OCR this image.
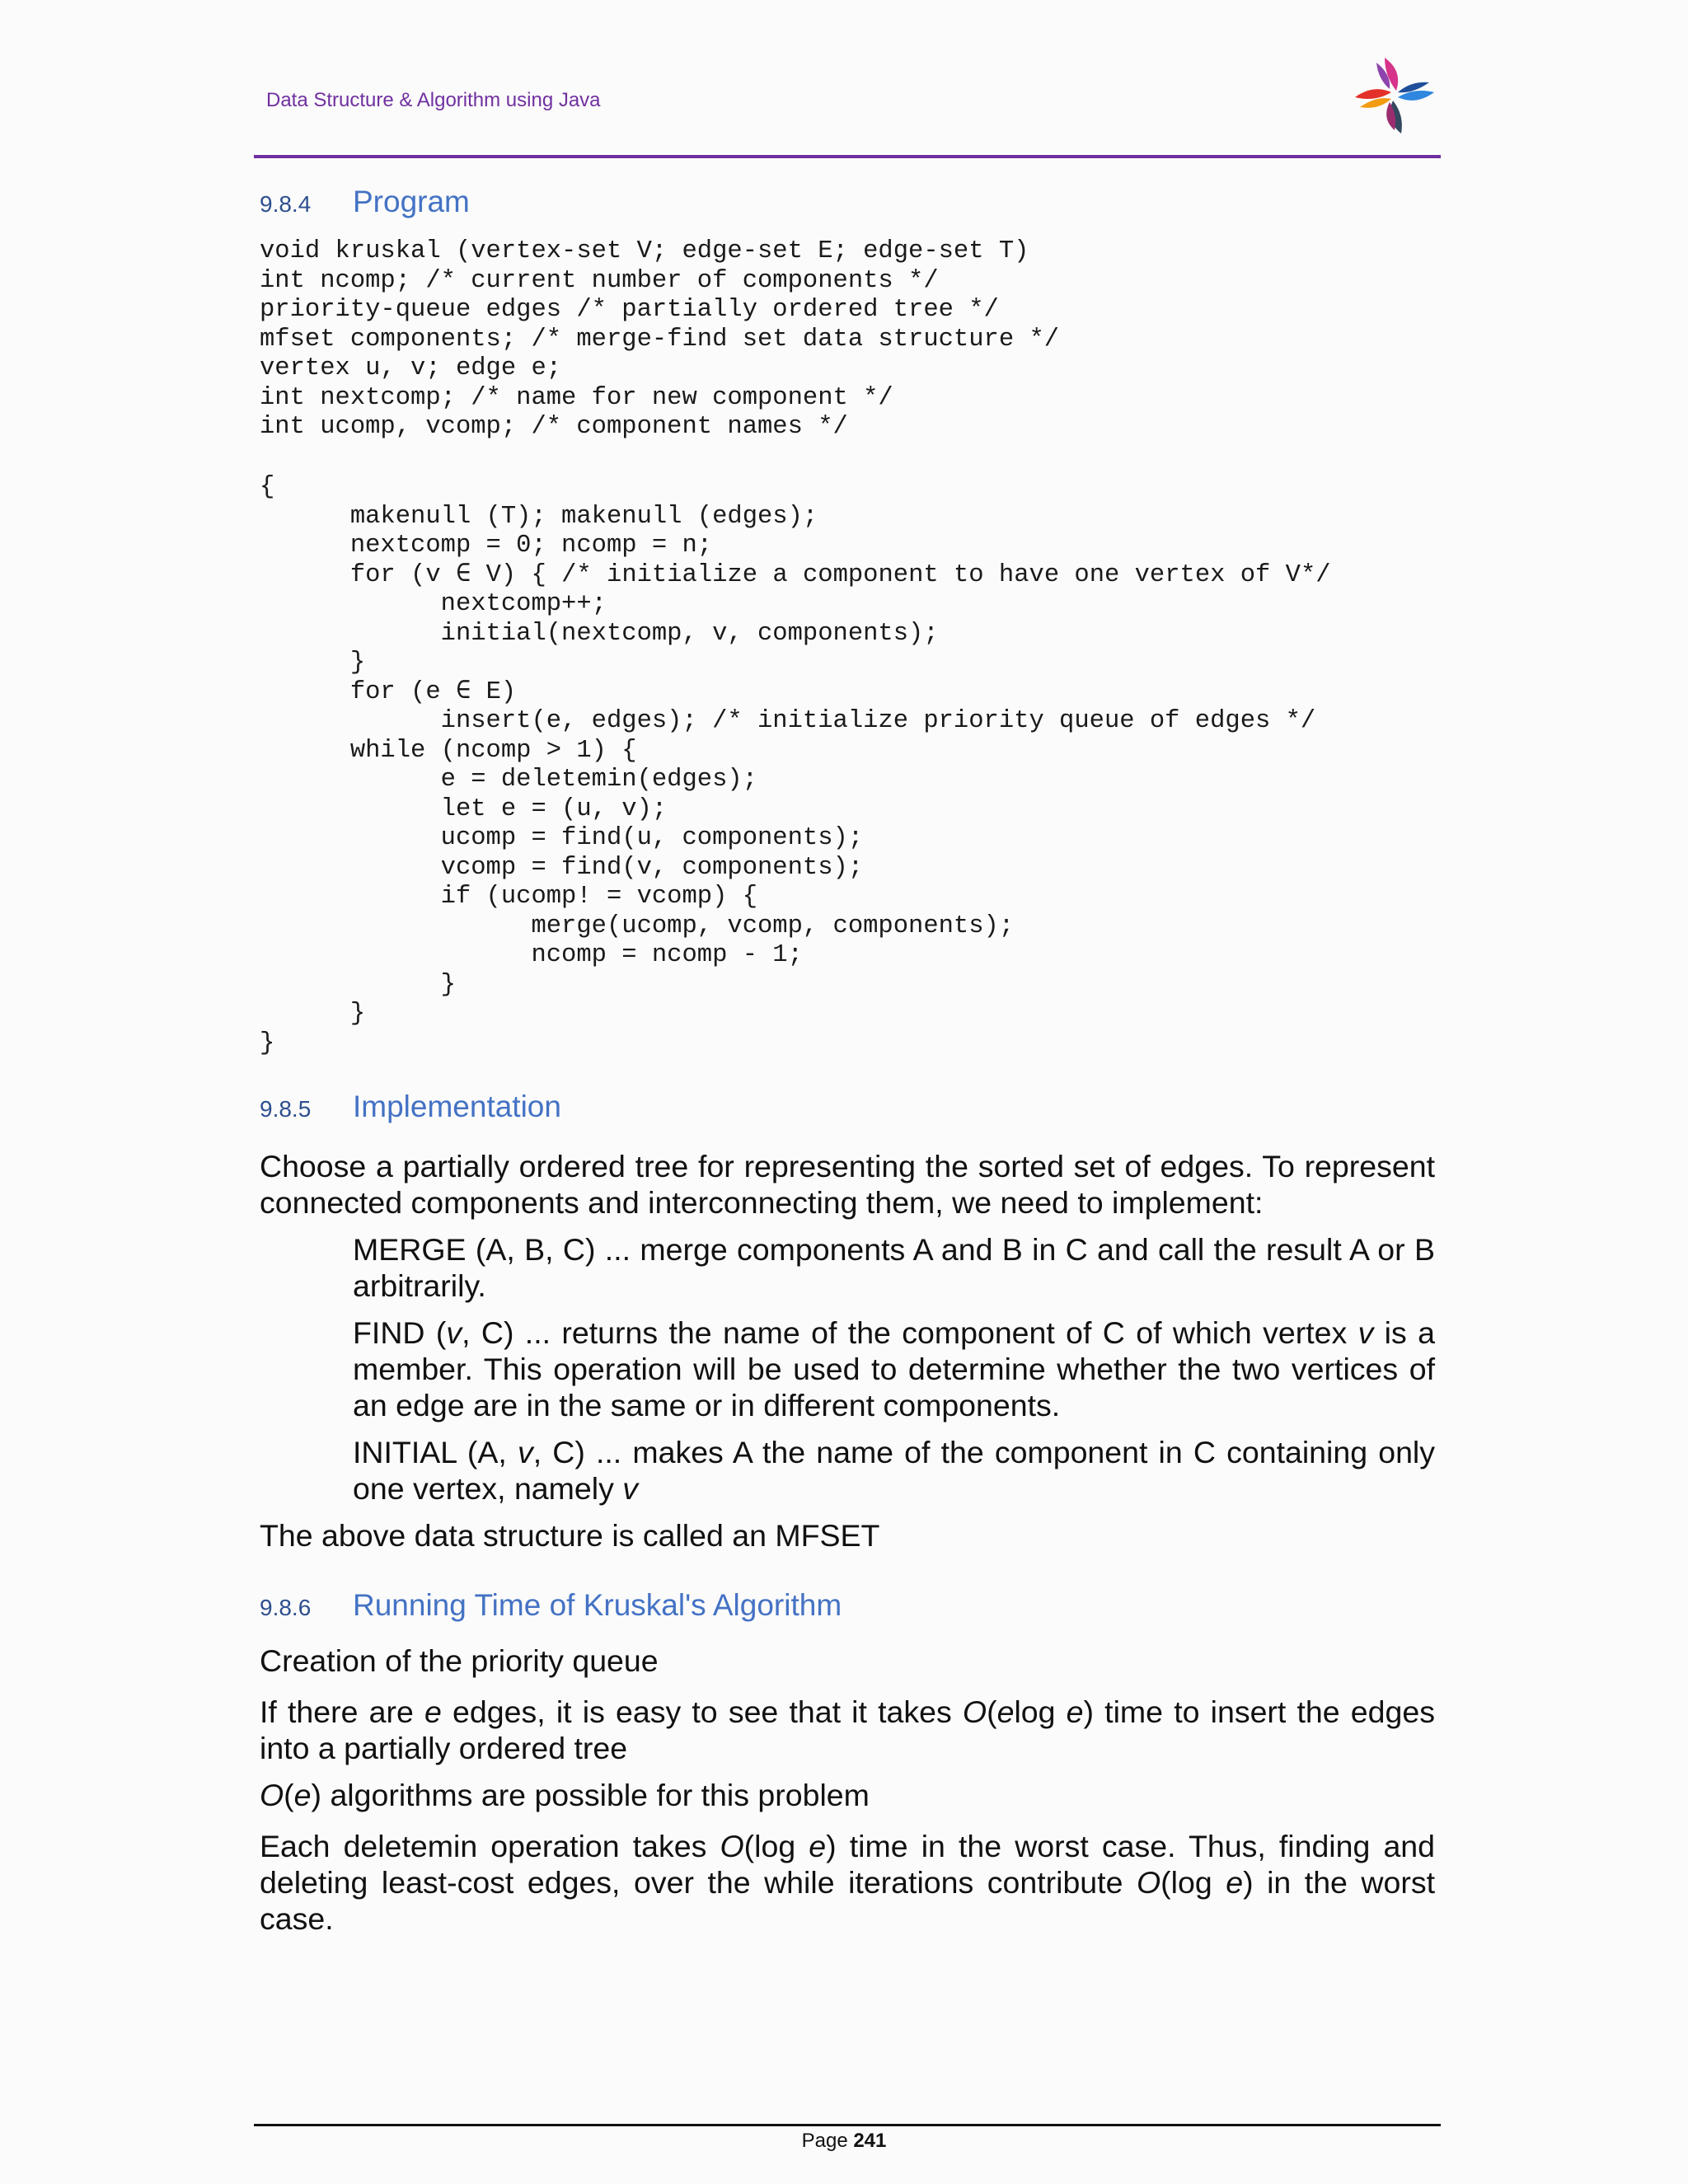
Data Structure & Algorithm using Java
9.8.4 Program
void kruskal (vertex-set V; edge-set E; edge-set T)
int ncomp; /* current number of components */
priority-queue edges /* partially ordered tree */
mfset components; /* merge-find set data structure */
vertex u, v; edge e;
int nextcomp; /* name for new component */
int ucomp, vcomp; /* component names */
{
makenull (T); makenull (edges);
nextcomp = 0; ncomp = n;
for (v ∈ V) { /* initialize a component to have one vertex of V*/
nextcomp++;
initial(nextcomp, v, components);
}
for (e ∈ E)
insert(e, edges); /* initialize priority queue of edges */
while (ncomp > 1) {
e = deletemin(edges);
let e = (u, v);
ucomp = find(u, components);
vcomp = find(v, components);
if (ucomp! = vcomp) {
merge(ucomp, vcomp, components);
ncomp = ncomp - 1;
}
}
}
9.8.5 Implementation

Choose a partially ordered tree for representing the sorted set of edges. To represent connected components and interconnecting them, we need to implement:

MERGE (A, B, C) ... merge components A and B in C and call the result A or B arbitrarily.

FIND (v, C) ... returns the name of the component of C of which vertex v is a member. This operation will be used to determine whether the two vertices of an edge are in the same or in different components.

INITIAL (A, v, C) ... makes A the name of the component in C containing only one vertex, namely v

The above data structure is called an MFSET

9.8.6 Running Time of Kruskal's Algorithm

Creation of the priority queue

If there are e edges, it is easy to see that it takes O(elog e) time to insert the edges into a partially ordered tree

O(e) algorithms are possible for this problem

Each deletemin operation takes O(log e) time in the worst case. Thus, finding and deleting least-cost edges, over the while iterations contribute O(log e) in the worst case.

Page 241
